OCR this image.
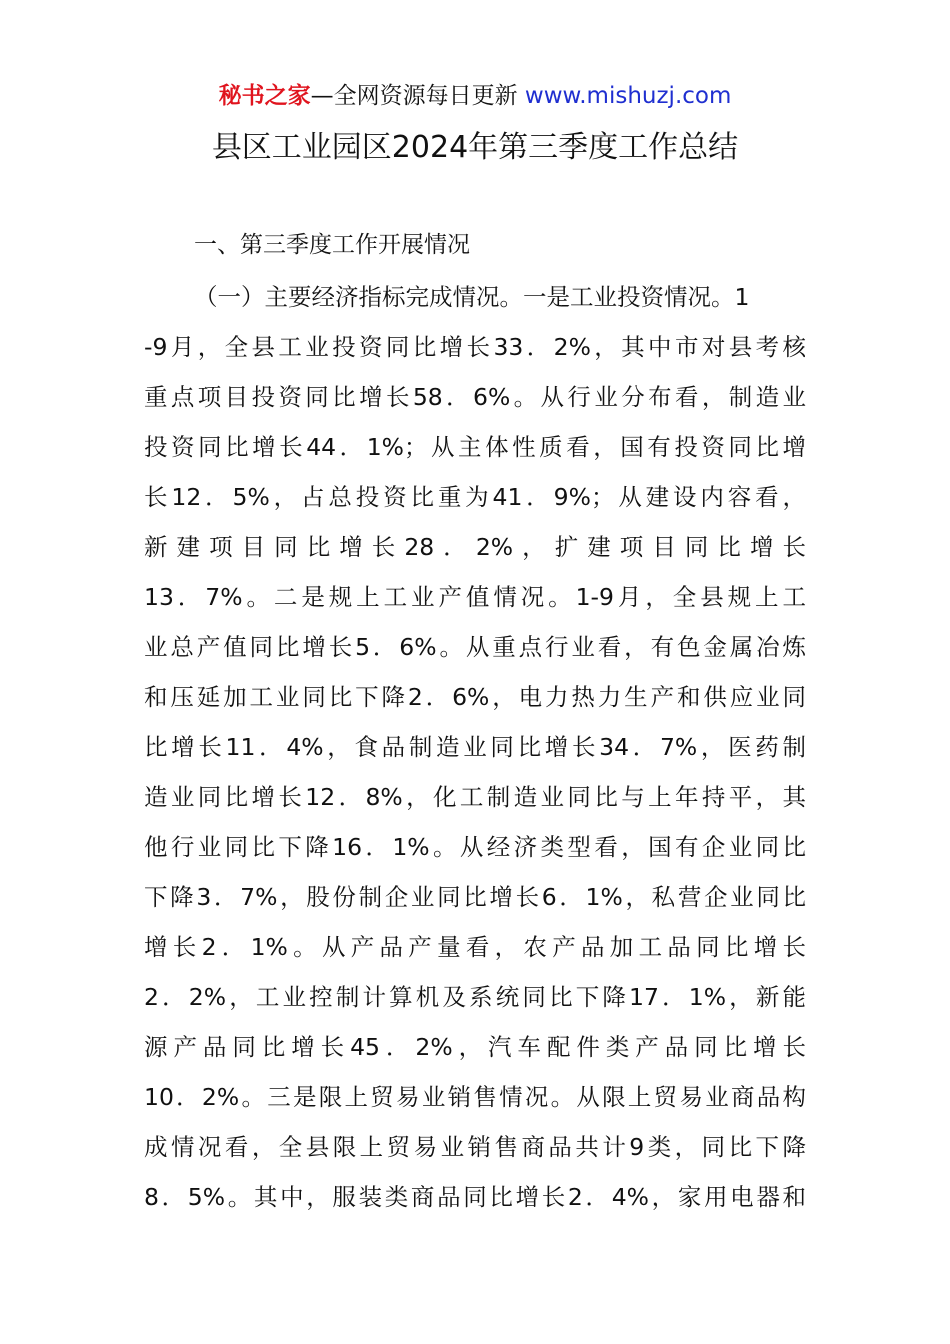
秘书之家—全网资源每日更新 www.mishuzj.com
县区工业园区2024年第三季度工作总结
一、第三季度工作开展情况
（一）主要经济指标完成情况。一是工业投资情况。1
-9月，全县工业投资同比增长33．2%，其中市对县考核
重点项目投资同比增长58．6%。从行业分布看，制造业
投资同比增长44．1%；从主体性质看，国有投资同比增
长12．5%，占总投资比重为41．9%；从建设内容看，
新建项目同比增长28．2%，扩建项目同比增长
13．7%。二是规上工业产值情况。1-9月，全县规上工
业总产值同比增长5．6%。从重点行业看，有色金属冶炼
和压延加工业同比下降2．6%，电力热力生产和供应业同
比增长11．4%，食品制造业同比增长34．7%，医药制
造业同比增长12．8%，化工制造业同比与上年持平，其
他行业同比下降16．1%。从经济类型看，国有企业同比
下降3．7%，股份制企业同比增长6．1%，私营企业同比
增长2．1%。从产品产量看，农产品加工品同比增长
2．2%，工业控制计算机及系统同比下降17．1%，新能
源产品同比增长45．2%，汽车配件类产品同比增长
10．2%。三是限上贸易业销售情况。从限上贸易业商品构
成情况看，全县限上贸易业销售商品共计9类，同比下降
8．5%。其中，服装类商品同比增长2．4%，家用电器和
